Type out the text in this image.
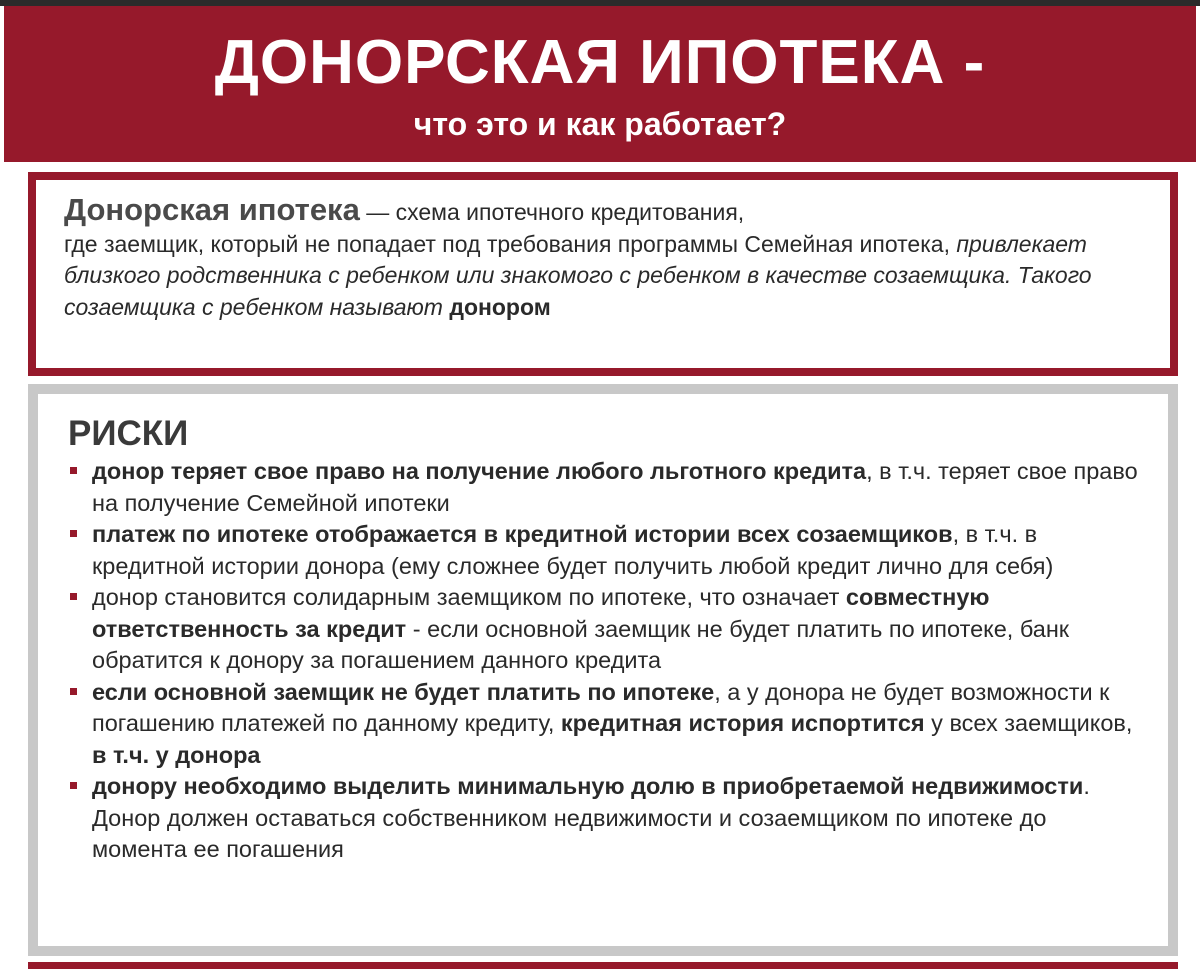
ДОНОРСКАЯ ИПОТЕКА -
что это и как работает?
Донорская ипотека — схема ипотечного кредитования,
где заемщик, который не попадает под требования программы Семейная ипотека, привлекает близкого родственника с ребенком или знакомого с ребенком в качестве созаемщика. Такого созаемщика с ребенком называют донором
РИСКИ
донор теряет свое право на получение любого льготного кредита, в т.ч. теряет свое право на получение Семейной ипотеки
платеж по ипотеке отображается в кредитной истории всех созаемщиков, в т.ч. в кредитной истории донора (ему сложнее будет получить любой кредит лично для себя)
донор становится солидарным заемщиком по ипотеке, что означает совместную ответственность за кредит - если основной заемщик не будет платить по ипотеке, банк обратится к донору за погашением данного кредита
если основной заемщик не будет платить по ипотеке, а у донора не будет возможности к погашению платежей по данному кредиту, кредитная история испортится у всех заемщиков, в т.ч. у донора
донору необходимо выделить минимальную долю в приобретаемой недвижимости. Донор должен оставаться собственником недвижимости и созаемщиком по ипотеке до момента ее погашения
